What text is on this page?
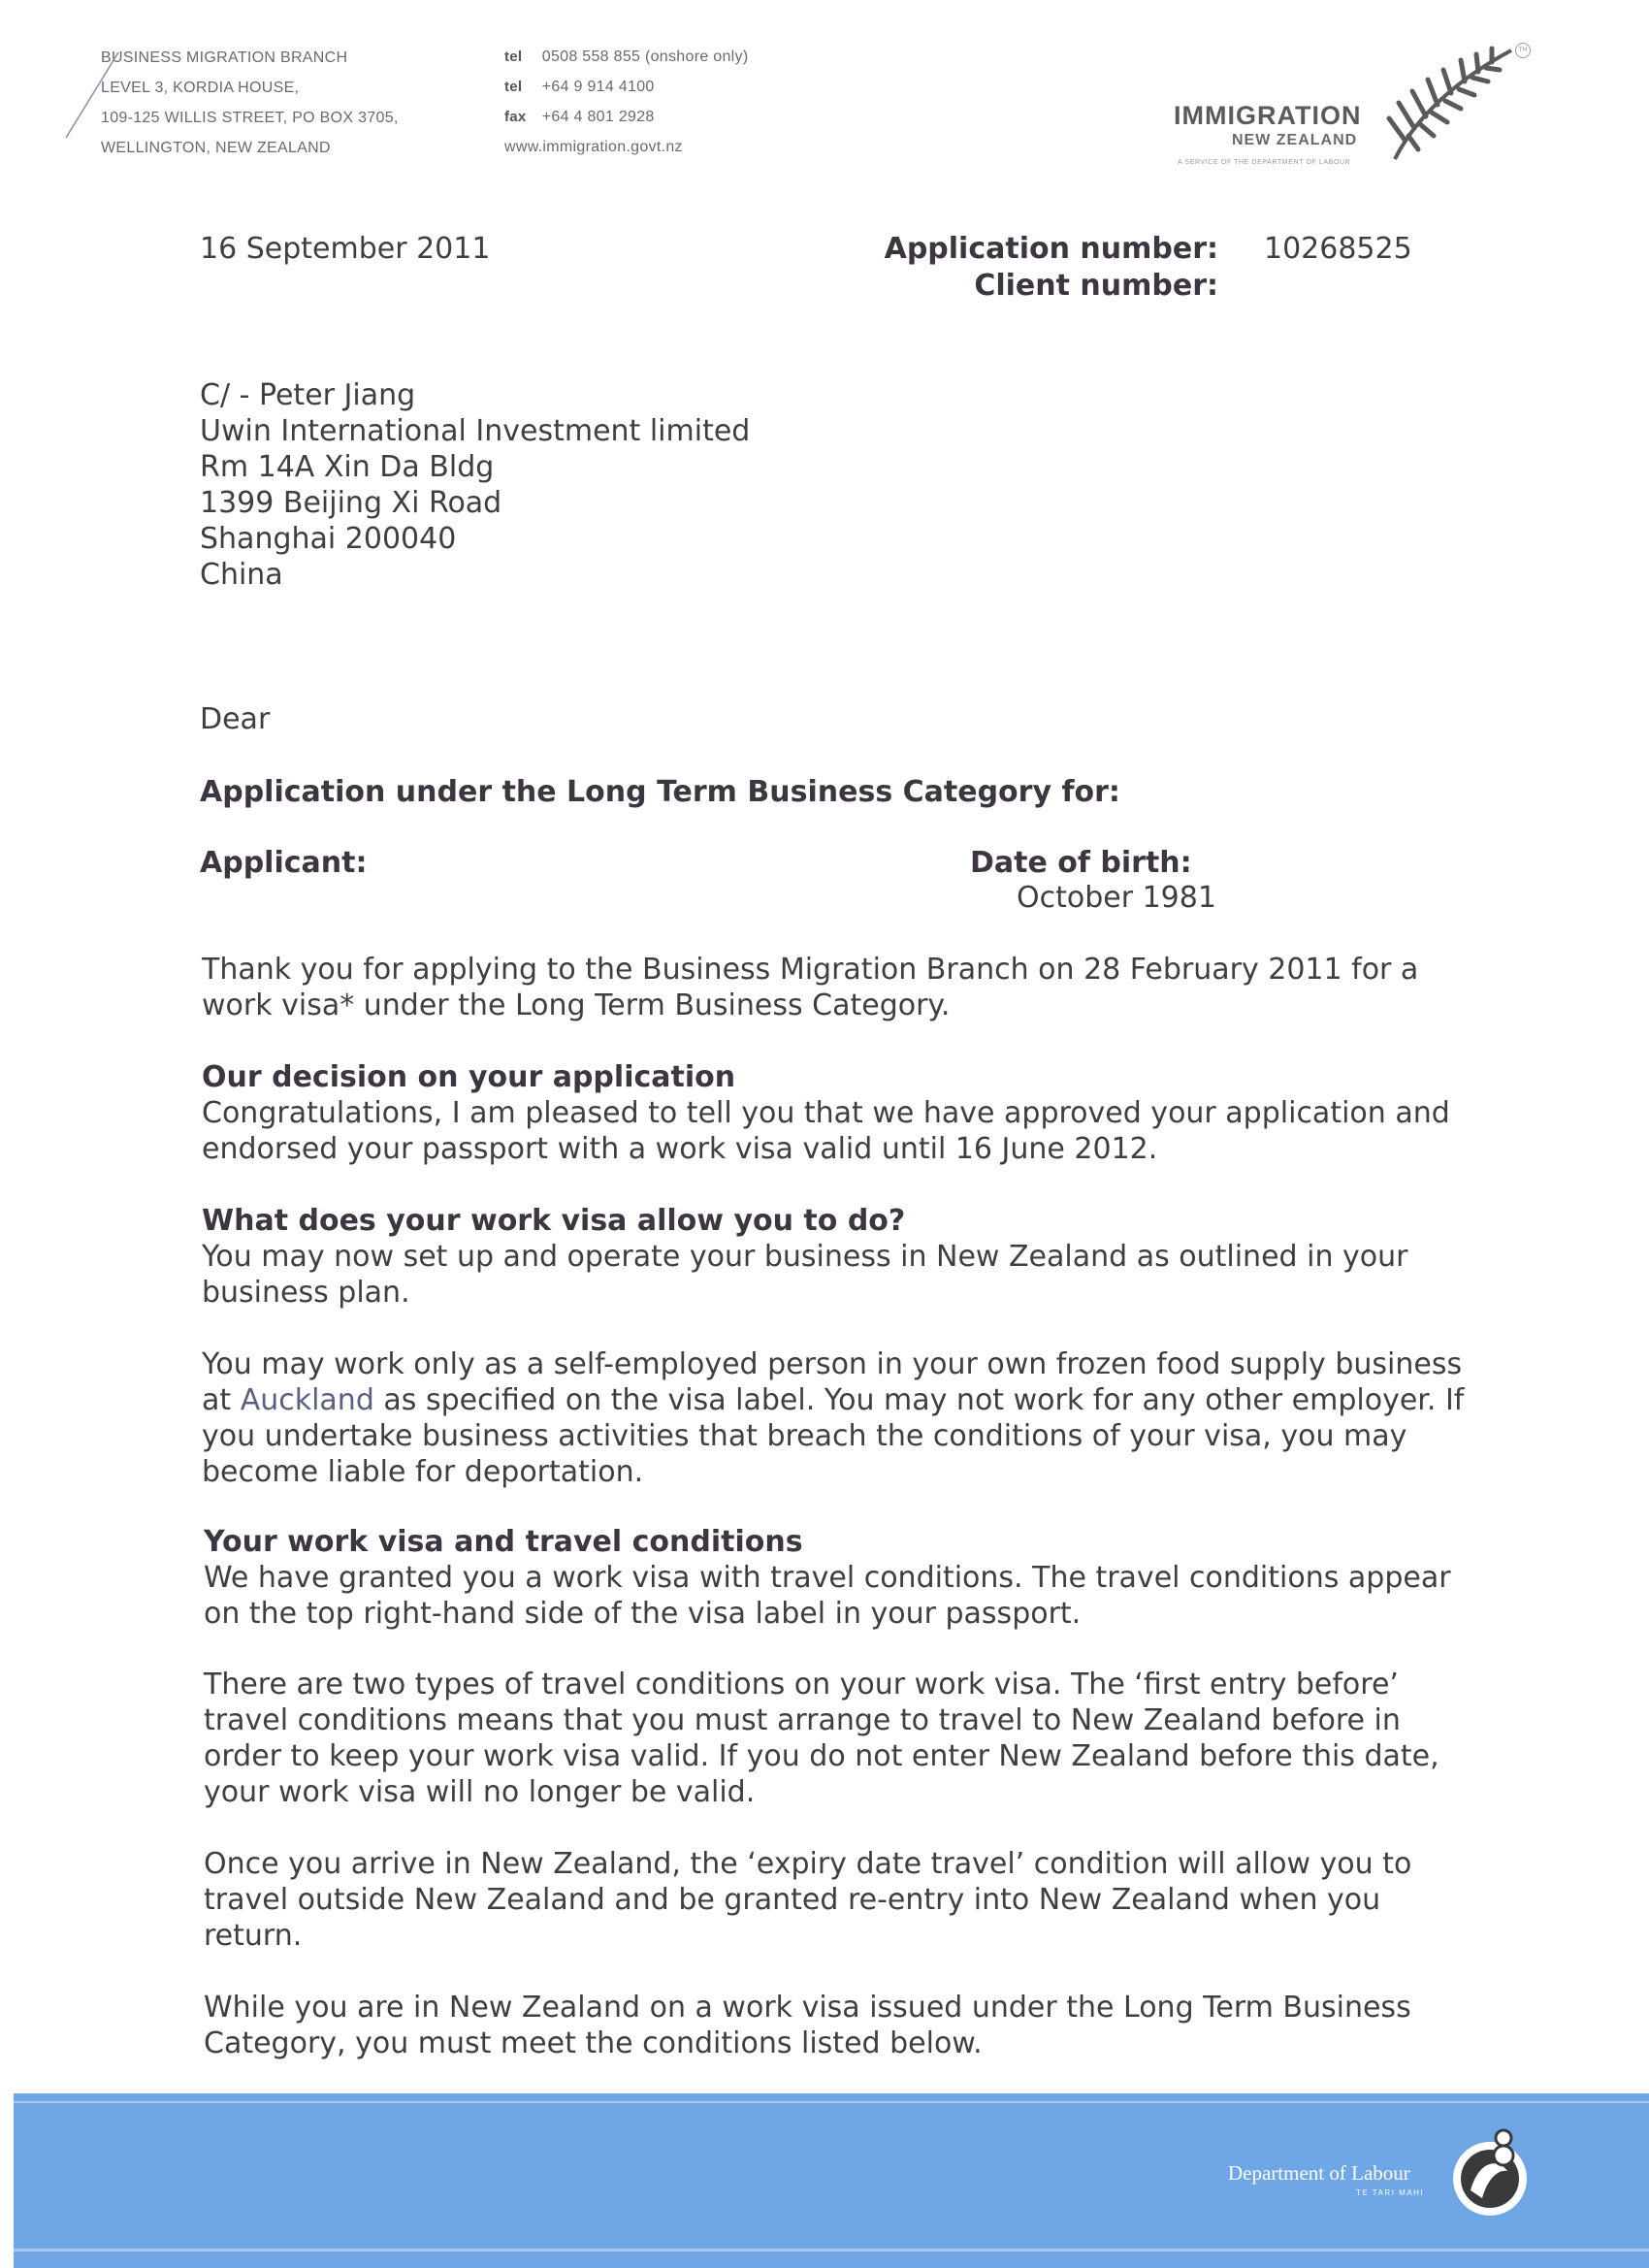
BUSINESS MIGRATION BRANCH
LEVEL 3, KORDIA HOUSE,
109-125 WILLIS STREET, PO BOX 3705,
WELLINGTON, NEW ZEALAND
tel 0508 558 855 (onshore only)
tel +64 9 914 4100
fax +64 4 801 2928
www.immigration.govt.nz
IMMIGRATION
NEW ZEALAND
A SERVICE OF THE DEPARTMENT OF LABOUR
TM
16 September 2011	Application number: 10268525
Client number:
C/ - Peter Jiang
Uwin International Investment limited
Rm 14A Xin Da Bldg
1399 Beijing Xi Road
Shanghai 200040
China
Dear
Application under the Long Term Business Category for:
Applicant:	Date of birth:
October 1981
Thank you for applying to the Business Migration Branch on 28 February 2011 for a work visa* under the Long Term Business Category.
Our decision on your application
Congratulations, I am pleased to tell you that we have approved your application and endorsed your passport with a work visa valid until 16 June 2012.
What does your work visa allow you to do?
You may now set up and operate your business in New Zealand as outlined in your business plan.
You may work only as a self-employed person in your own frozen food supply business at Auckland as specified on the visa label. You may not work for any other employer. If you undertake business activities that breach the conditions of your visa, you may become liable for deportation.
Your work visa and travel conditions
We have granted you a work visa with travel conditions. The travel conditions appear on the top right-hand side of the visa label in your passport.
There are two types of travel conditions on your work visa. The ‘first entry before’ travel conditions means that you must arrange to travel to New Zealand before in order to keep your work visa valid. If you do not enter New Zealand before this date, your work visa will no longer be valid.
Once you arrive in New Zealand, the ‘expiry date travel’ condition will allow you to travel outside New Zealand and be granted re-entry into New Zealand when you return.
While you are in New Zealand on a work visa issued under the Long Term Business Category, you must meet the conditions listed below.
Department of Labour
TE TARI MAHI
